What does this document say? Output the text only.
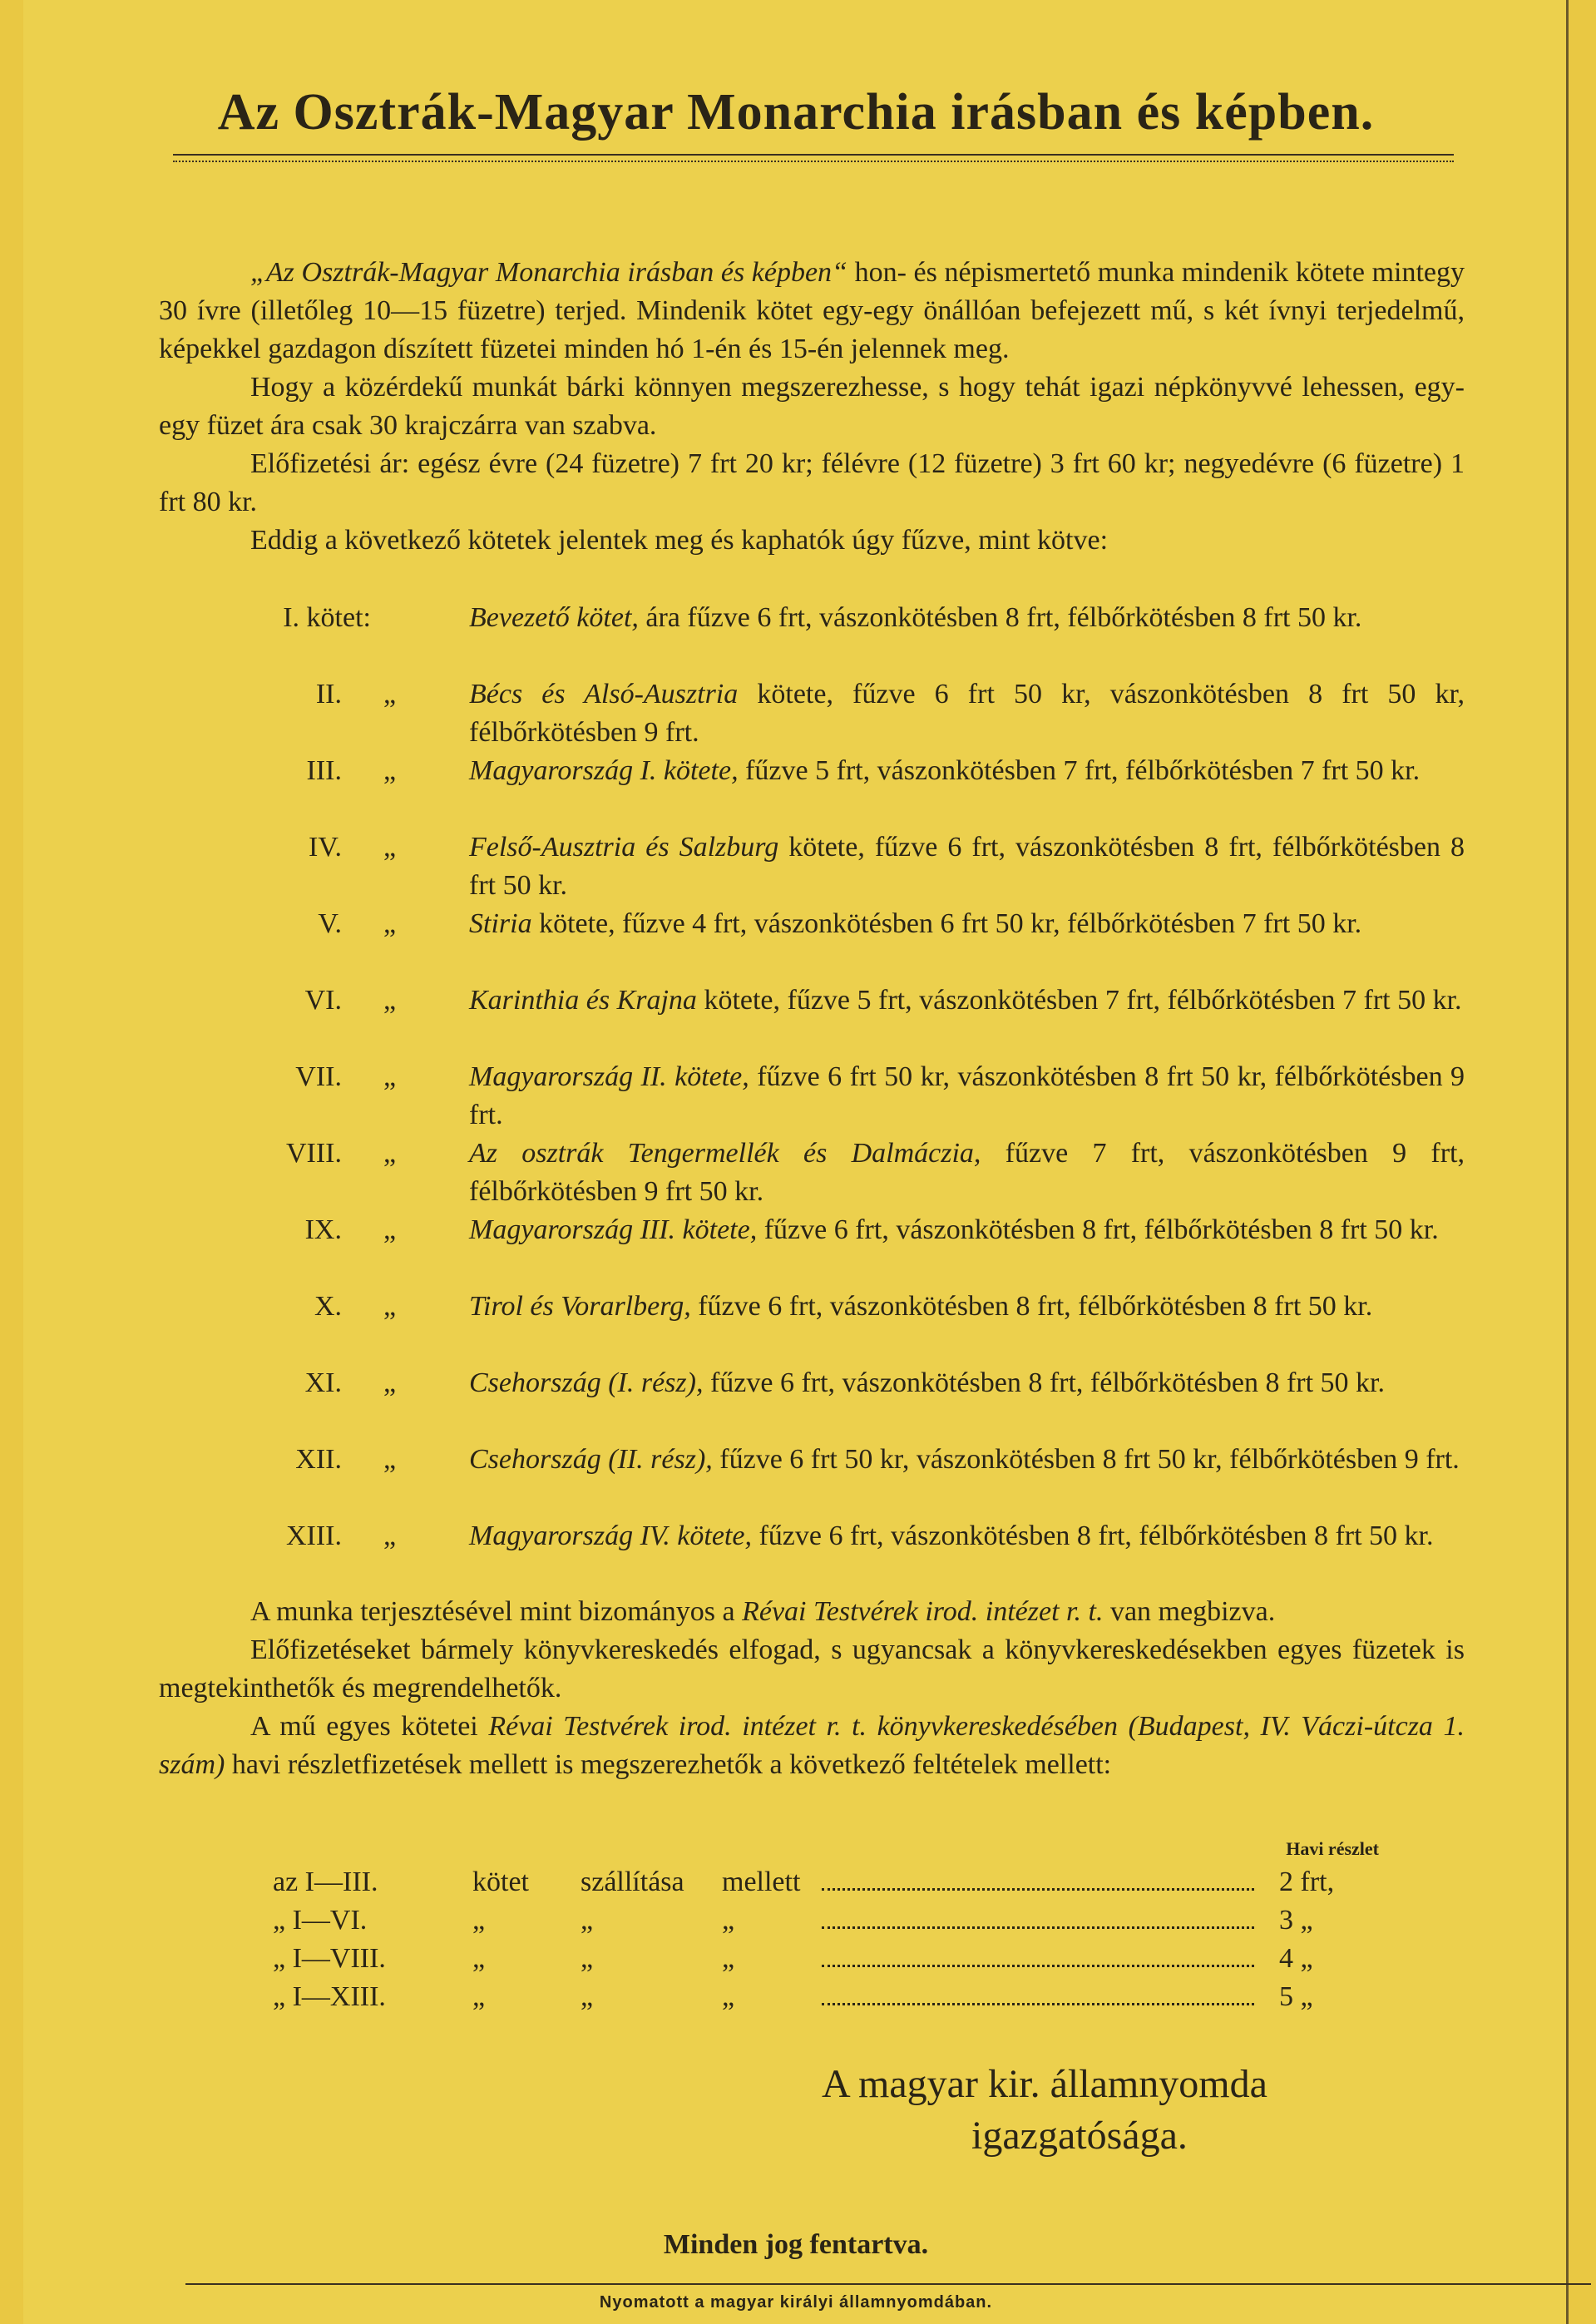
Az Osztrák-Magyar Monarchia irásban és képben.
„Az Osztrák-Magyar Monarchia irásban és képben“ hon- és népismertető munka mindenik kötete mintegy 30 ívre (illetőleg 10—15 füzetre) terjed. Mindenik kötet egy-egy önállóan befejezett mű, s két ívnyi terjedelmű, képekkel gazdagon díszített füzetei minden hó 1-én és 15-én jelennek meg.
Hogy a közérdekű munkát bárki könnyen megszerezhesse, s hogy tehát igazi népkönyvvé lehessen, egy-egy füzet ára csak 30 krajczárra van szabva.
Előfizetési ár: egész évre (24 füzetre) 7 frt 20 kr; félévre (12 füzetre) 3 frt 60 kr; negyedévre (6 füzetre) 1 frt 80 kr.
Eddig a következő kötetek jelentek meg és kaphatók úgy fűzve, mint kötve:
I. kötet:	Bevezető kötet, ára fűzve 6 frt, vászonkötésben 8 frt, félbőrkötésben 8 frt 50 kr.
II. „	Bécs és Alsó-Ausztria kötete, fűzve 6 frt 50 kr, vászonkötésben 8 frt 50 kr, félbőrkötésben 9 frt.
III. „	Magyarország I. kötete, fűzve 5 frt, vászonkötésben 7 frt, félbőrkötésben 7 frt 50 kr.
IV. „	Felső-Ausztria és Salzburg kötete, fűzve 6 frt, vászonkötésben 8 frt, félbőrkötésben 8 frt 50 kr.
V. „	Stiria kötete, fűzve 4 frt, vászonkötésben 6 frt 50 kr, félbőrkötésben 7 frt 50 kr.
VI. „	Karinthia és Krajna kötete, fűzve 5 frt, vászonkötésben 7 frt, félbőrkötésben 7 frt 50 kr.
VII. „	Magyarország II. kötete, fűzve 6 frt 50 kr, vászonkötésben 8 frt 50 kr, félbőrkötésben 9 frt.
VIII. „	Az osztrák Tengermellék és Dalmáczia, fűzve 7 frt, vászonkötésben 9 frt, félbőrkötésben 9 frt 50 kr.
IX. „	Magyarország III. kötete, fűzve 6 frt, vászonkötésben 8 frt, félbőrkötésben 8 frt 50 kr.
X. „	Tirol és Vorarlberg, fűzve 6 frt, vászonkötésben 8 frt, félbőrkötésben 8 frt 50 kr.
XI. „	Csehország (I. rész), fűzve 6 frt, vászonkötésben 8 frt, félbőrkötésben 8 frt 50 kr.
XII. „	Csehország (II. rész), fűzve 6 frt 50 kr, vászonkötésben 8 frt 50 kr, félbőrkötésben 9 frt.
XIII. „	Magyarország IV. kötete, fűzve 6 frt, vászonkötésben 8 frt, félbőrkötésben 8 frt 50 kr.
A munka terjesztésével mint bizományos a Révai Testvérek irod. intézet r. t. van megbizva.
Előfizetéseket bármely könyvkereskedés elfogad, s ugyancsak a könyvkereskedésekben egyes füzetek is megtekinthetők és megrendelhetők.
A mű egyes kötetei Révai Testvérek irod. intézet r. t. könyvkereskedésében (Budapest, IV. Váczi-útcza 1. szám) havi részletfizetések mellett is megszerezhetők a következő feltételek mellett:
Havi részlet
az I—III.	kötet szállítása mellett	2 frt,
„ I—VI.	„	„	„	3 „
„ I—VIII.	„	„	„	4 „
„ I—XIII.	„	„	„	5 „
A magyar kir. államnyomda
igazgatósága.
Minden jog fentartva.
Nyomatott a magyar királyi államnyomdában.
